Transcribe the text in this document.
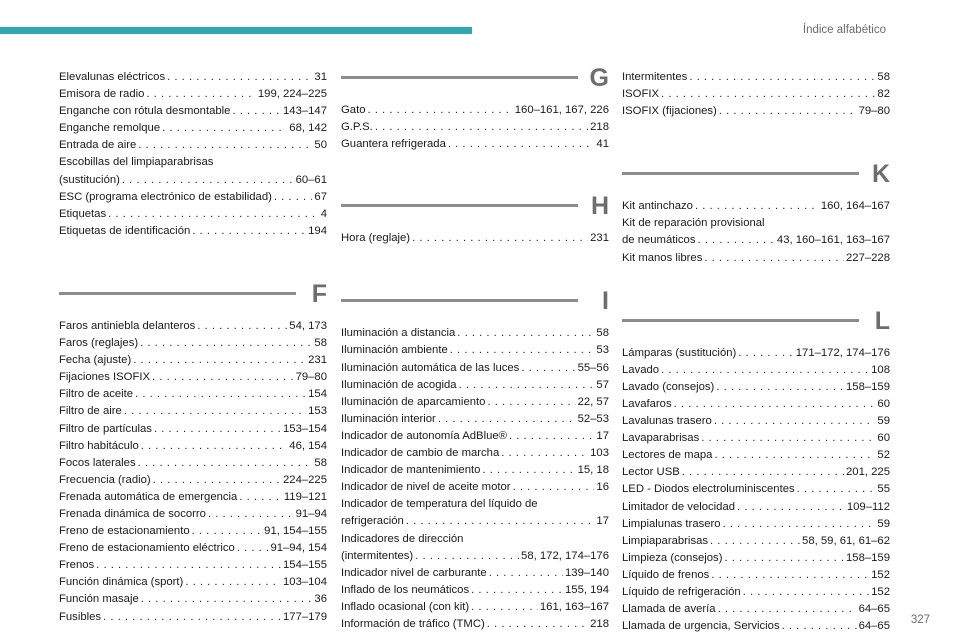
Índice alfabético
Elevalunas eléctricos . . .	31
Emisora de radio . . .	199, 224–225
Enganche con rótula desmontable . . .	143–147
Enganche remolque . . .	68, 142
Entrada de aire . . .	50
Escobillas del limpiaparabrisas
(sustitución) . . .	60–61
ESC (programa electrónico de estabilidad) . . .	67
Etiquetas . . .	4
Etiquetas de identificación . . .	194
F
Faros antiniebla delanteros . . .	54, 173
Faros (reglajes) . . .	58
Fecha (ajuste) . . .	231
Fijaciones ISOFIX . . .	79–80
Filtro de aceite . . .	154
Filtro de aire . . .	153
Filtro de partículas . . .	153–154
Filtro habitáculo . . .	46, 154
Focos laterales . . .	58
Frecuencia (radio) . . .	224–225
Frenada automática de emergencia . . .	119–121
Frenada dinámica de socorro . . .	91–94
Freno de estacionamiento . . .	91, 154–155
Freno de estacionamiento eléctrico . . .	91–94, 154
Frenos . . .	154–155
Función dinámica (sport) . . .	103–104
Función masaje . . .	36
Fusibles . . .	177–179
G
Gato . . .	160–161, 167, 226
G.P.S. . . .	218
Guantera refrigerada . . .	41
H
Hora (reglaje) . . .	231
I
Iluminación a distancia . . .	58
Iluminación ambiente . . .	53
Iluminación automática de las luces . . .	55–56
Iluminación de acogida . . .	57
Iluminación de aparcamiento . . .	22, 57
Iluminación interior . . .	52–53
Indicador de autonomía AdBlue® . . .	17
Indicador de cambio de marcha . . .	103
Indicador de mantenimiento . . .	15, 18
Indicador de nivel de aceite motor . . .	16
Indicador de temperatura del líquido de
refrigeración . . .	17
Indicadores de dirección
(intermitentes) . . .	58, 172, 174–176
Indicador nivel de carburante . . .	139–140
Inflado de los neumáticos . . .	155, 194
Inflado ocasional (con kit) . . .	161, 163–167
Información de tráfico (TMC) . . .	218
Intermitentes . . .	58
ISOFIX . . .	82
ISOFIX (fijaciones) . . .	79–80
K
Kit antinchazo . . .	160, 164–167
Kit de reparación provisional
de neumáticos . . .	43, 160–161, 163–167
Kit manos libres . . .	227–228
L
Lámparas (sustitución) . . .	171–172, 174–176
Lavado . . .	108
Lavado (consejos) . . .	158–159
Lavafaros . . .	60
Lavalunas trasero . . .	59
Lavaparabrisas . . .	60
Lectores de mapa . . .	52
Lector USB . . .	201, 225
LED - Diodos electroluminiscentes . . .	55
Limitador de velocidad . . .	109–112
Limpialunas trasero . . .	59
Limpiaparabrisas . . .	58, 59, 61, 61–62
Limpieza (consejos) . . .	158–159
Líquido de frenos . . .	152
Líquido de refrigeración . . .	152
Llamada de avería . . .	64–65
Llamada de urgencia, Servicios . . .	64–65
327
